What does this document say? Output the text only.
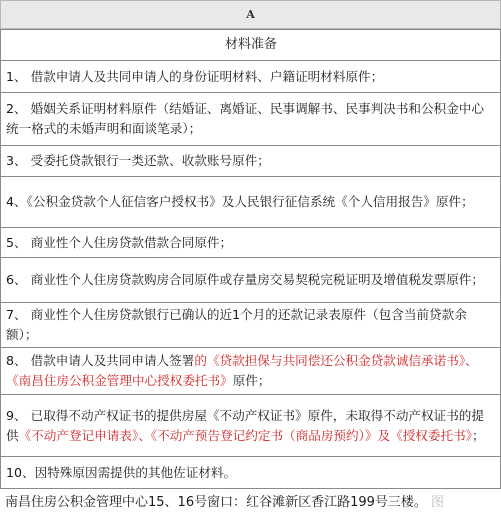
A
材料准备
1、 借款申请人及共同申请人的身份证明材料、户籍证明材料原件；
2、 婚姻关系证明材料原件（结婚证、离婚证、民事调解书、民事判决书和公积金中心统一格式的未婚声明和面谈笔录）；
3、 受委托贷款银行一类还款、收款账号原件；
4、《公积金贷款个人征信客户授权书》及人民银行征信系统《个人信用报告》原件；
5、 商业性个人住房贷款借款合同原件；
6、 商业性个人住房贷款购房合同原件或存量房交易契税完税证明及增值税发票原件；
7、 商业性个人住房贷款银行已确认的近1个月的还款记录表原件（包含当前贷款余额）；
8、 借款申请人及共同申请人签署的《贷款担保与共同偿还公积金贷款诚信承诺书》、《南昌住房公积金管理中心授权委托书》原件；
9、 已取得不动产权证书的提供房屋《不动产权证书》原件，未取得不动产权证书的提供《不动产登记申请表》、《不动产预告登记约定书（商品房预约）》及《授权委托书》；
10、因特殊原因需提供的其他佐证材料。
南昌住房公积金管理中心15、16号窗口：红谷滩新区香江路199号三楼。 图
